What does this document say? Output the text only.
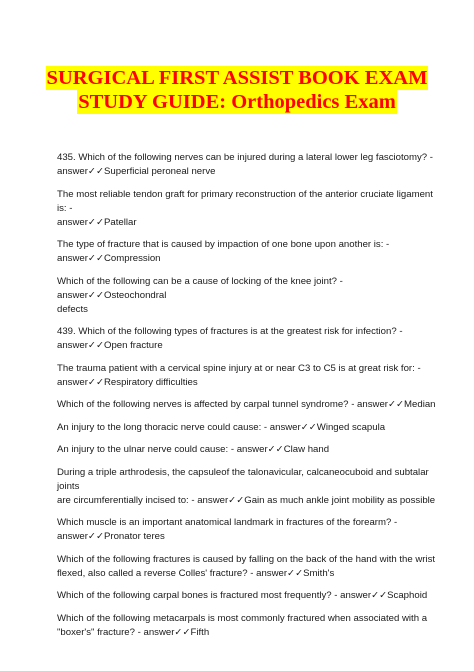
SURGICAL FIRST ASSIST BOOK EXAM
STUDY GUIDE: Orthopedics Exam

435. Which of the following nerves can be injured during a lateral lower leg fasciotomy? -

answer✓✓Superficial peroneal nerve

The most reliable tendon graft for primary reconstruction of the anterior cruciate ligament is: -

answer✓✓Patellar

The type of fracture that is caused by impaction of one bone upon another is: -

answer✓✓Compression

Which of the following can be a cause of locking of the knee joint? - answer✓✓Osteochondral

defects

439. Which of the following types of fractures is at the greatest risk for infection? -

answer✓✓Open fracture

The trauma patient with a cervical spine injury at or near C3 to C5 is at great risk for: -

answer✓✓Respiratory difficulties

Which of the following nerves is affected by carpal tunnel syndrome? - answer✓✓Median

An injury to the long thoracic nerve could cause: - answer✓✓Winged scapula

An injury to the ulnar nerve could cause: - answer✓✓Claw hand

During a triple arthrodesis, the capsuleof the talonavicular, calcaneocuboid and subtalar joints

are circumferentially incised to: - answer✓✓Gain as much ankle joint mobility as possible

Which muscle is an important anatomical landmark in fractures of the forearm? -

answer✓✓Pronator teres

Which of the following fractures is caused by falling on the back of the hand with the wrist

flexed, also called a reverse Colles' fracture? - answer✓✓Smith's

Which of the following carpal bones is fractured most frequently? - answer✓✓Scaphoid

Which of the following metacarpals is most commonly fractured when associated with a

"boxer's" fracture? - answer✓✓Fifth
